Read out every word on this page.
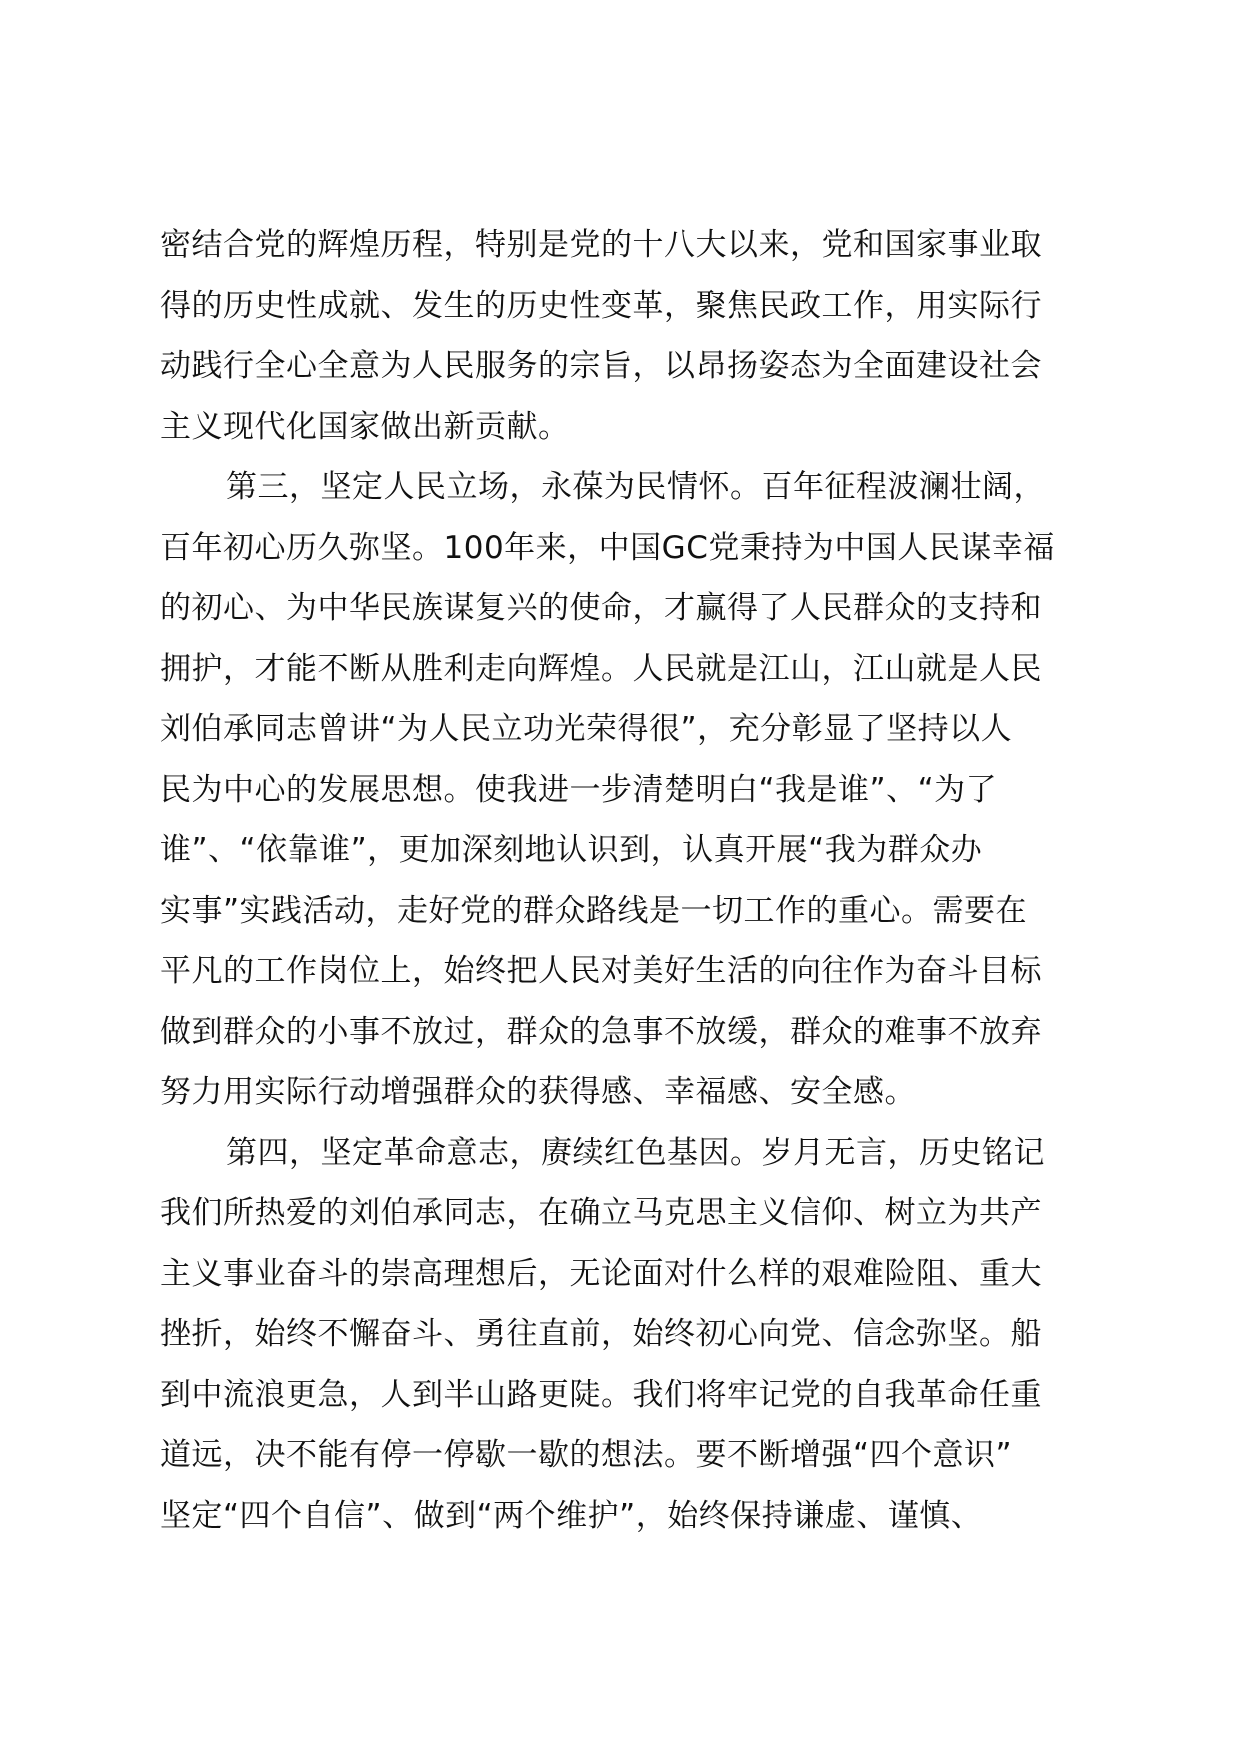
密结合党的辉煌历程，特别是党的十八大以来，党和国家事业取
得的历史性成就、发生的历史性变革，聚焦民政工作，用实际行
动践行全心全意为人民服务的宗旨，以昂扬姿态为全面建设社会
主义现代化国家做出新贡献。
第三，坚定人民立场，永葆为民情怀。百年征程波澜壮阔，
百年初心历久弥坚。100年来，中国GC党秉持为中国人民谋幸福
的初心、为中华民族谋复兴的使命，才赢得了人民群众的支持和
拥护，才能不断从胜利走向辉煌。人民就是江山，江山就是人民
刘伯承同志曾讲“为人民立功光荣得很”，充分彰显了坚持以人
民为中心的发展思想。使我进一步清楚明白“我是谁”、“为了
谁”、“依靠谁”，更加深刻地认识到，认真开展“我为群众办
实事”实践活动，走好党的群众路线是一切工作的重心。需要在
平凡的工作岗位上，始终把人民对美好生活的向往作为奋斗目标
做到群众的小事不放过，群众的急事不放缓，群众的难事不放弃
努力用实际行动增强群众的获得感、幸福感、安全感。
第四，坚定革命意志，赓续红色基因。岁月无言，历史铭记
我们所热爱的刘伯承同志，在确立马克思主义信仰、树立为共产
主义事业奋斗的崇高理想后，无论面对什么样的艰难险阻、重大
挫折，始终不懈奋斗、勇往直前，始终初心向党、信念弥坚。船
到中流浪更急，人到半山路更陡。我们将牢记党的自我革命任重
道远，决不能有停一停歇一歇的想法。要不断增强“四个意识”
坚定“四个自信”、做到“两个维护”，始终保持谦虚、谨慎、
